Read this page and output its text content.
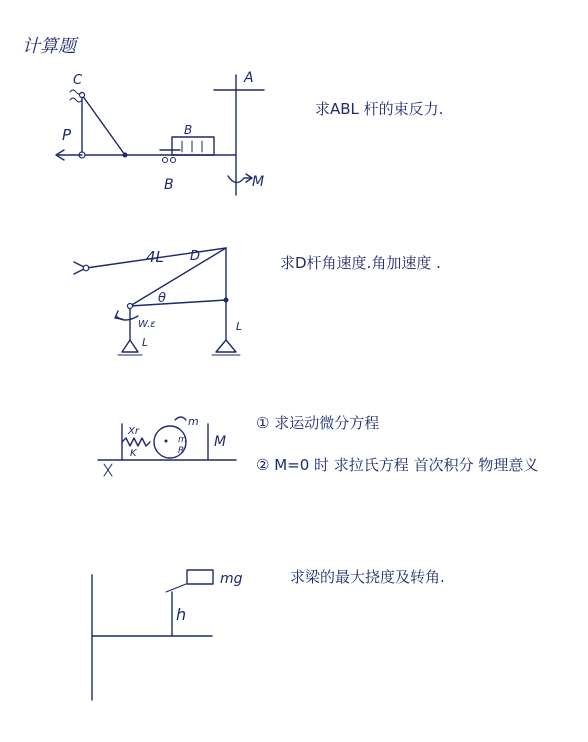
计算题
C	A
B
B
P
M
求ABL 杆的束反力.
4L D
θ
W.ε
L
L
求D杆角速度.角加速度 .
Xr
K
m
R
m
M
① 求运动微分方程
② M=0 时 求拉氏方程 首次积分 物理意义
mg
h
求梁的最大挠度及转角.
